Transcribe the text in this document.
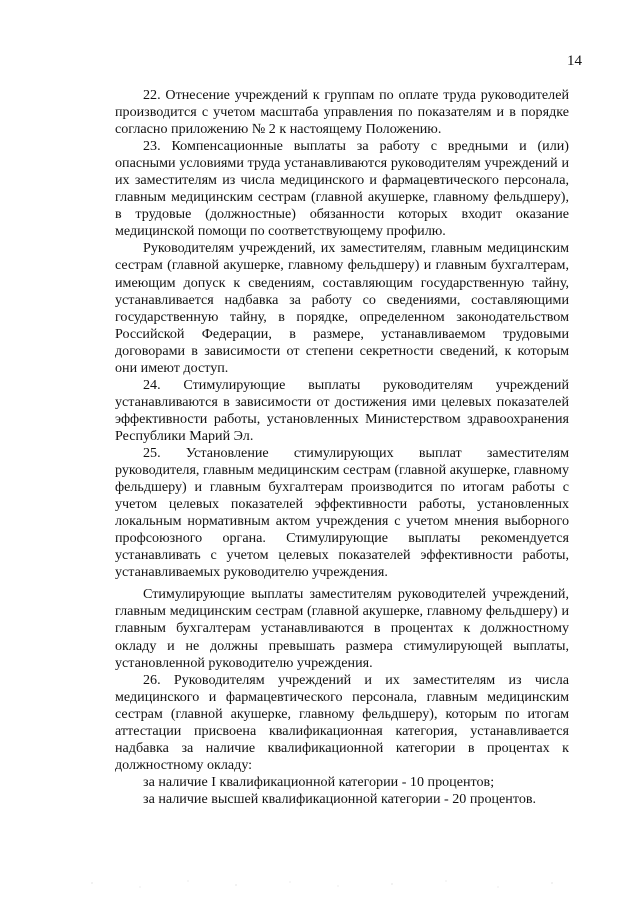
14

22. Отнесение учреждений к группам по оплате труда руководителей производится с учетом масштаба управления по показателям и в порядке согласно приложению № 2 к настоящему Положению.

23. Компенсационные выплаты за работу с вредными и (или) опасными условиями труда устанавливаются руководителям учреждений и их заместителям из числа медицинского и фармацевтического персонала, главным медицинским сестрам (главной акушерке, главному фельдшеру), в трудовые (должностные) обязанности которых входит оказание медицинской помощи по соответствующему профилю.

Руководителям учреждений, их заместителям, главным медицинским сестрам (главной акушерке, главному фельдшеру) и главным бухгалтерам, имеющим допуск к сведениям, составляющим государственную тайну, устанавливается надбавка за работу со сведениями, составляющими государственную тайну, в порядке, определенном законодательством Российской Федерации, в размере, устанавливаемом трудовыми договорами в зависимости от степени секретности сведений, к которым они имеют доступ.

24. Стимулирующие выплаты руководителям учреждений устанавливаются в зависимости от достижения ими целевых показателей эффективности работы, установленных Министерством здравоохранения Республики Марий Эл.

25. Установление стимулирующих выплат заместителям руководителя, главным медицинским сестрам (главной акушерке, главному фельдшеру) и главным бухгалтерам производится по итогам работы с учетом целевых показателей эффективности работы, установленных локальным нормативным актом учреждения с учетом мнения выборного профсоюзного органа. Стимулирующие выплаты рекомендуется устанавливать с учетом целевых показателей эффективности работы, устанавливаемых руководителю учреждения.

Стимулирующие выплаты заместителям руководителей учреждений, главным медицинским сестрам (главной акушерке, главному фельдшеру) и главным бухгалтерам устанавливаются в процентах к должностному окладу и не должны превышать размера стимулирующей выплаты, установленной руководителю учреждения.

26. Руководителям учреждений и их заместителям из числа медицинского и фармацевтического персонала, главным медицинским сестрам (главной акушерке, главному фельдшеру), которым по итогам аттестации присвоена квалификационная категория, устанавливается надбавка за наличие квалификационной категории в процентах к должностному окладу:

за наличие I квалификационной категории - 10 процентов;

за наличие высшей квалификационной категории - 20 процентов.
